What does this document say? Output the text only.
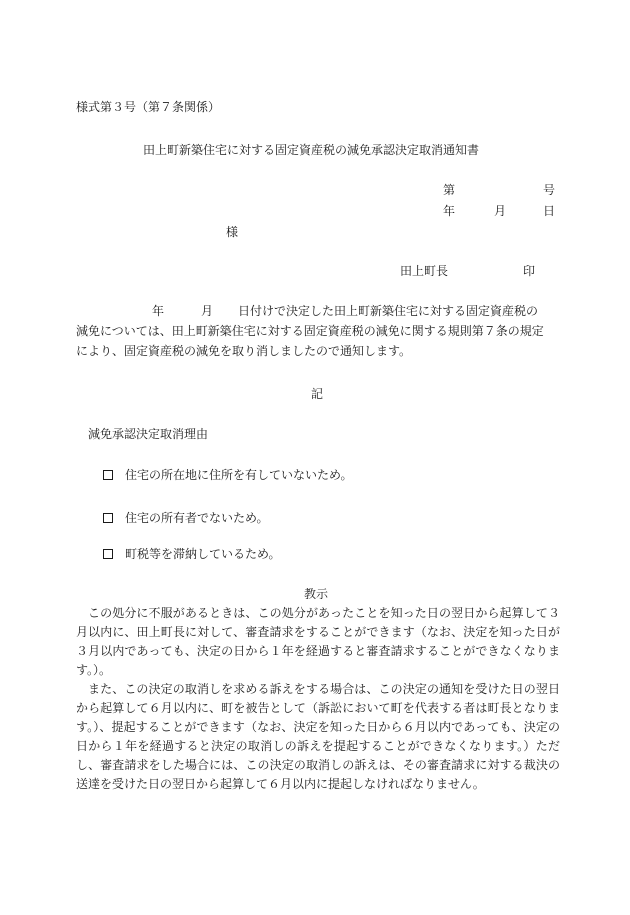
様式第３号（第７条関係）
田上町新築住宅に対する固定資産税の減免承認決定取消通知書
第	号
年	月	日
様
田上町長	印
年	月 日付けで決定した田上町新築住宅に対する固定資産税の
減免については、田上町新築住宅に対する固定資産税の減免に関する規則第７条の規定
により、固定資産税の減免を取り消しましたので通知します。
記
減免承認決定取消理由
住宅の所在地に住所を有していないため。
住宅の所有者でないため。
町税等を滞納しているため。
教示
この処分に不服があるときは、この処分があったことを知った日の翌日から起算して３月以内に、田上町長に対して、審査請求をすることができます（なお、決定を知った日が３月以内であっても、決定の日から１年を経過すると審査請求することができなくなります。）。
また、この決定の取消しを求める訴えをする場合は、この決定の通知を受けた日の翌日から起算して６月以内に、町を被告として（訴訟において町を代表する者は町長となります。）、提起することができます（なお、決定を知った日から６月以内であっても、決定の日から１年を経過すると決定の取消しの訴えを提起することができなくなります。）ただし、審査請求をした場合には、この決定の取消しの訴えは、その審査請求に対する裁決の送達を受けた日の翌日から起算して６月以内に提起しなければなりません。
